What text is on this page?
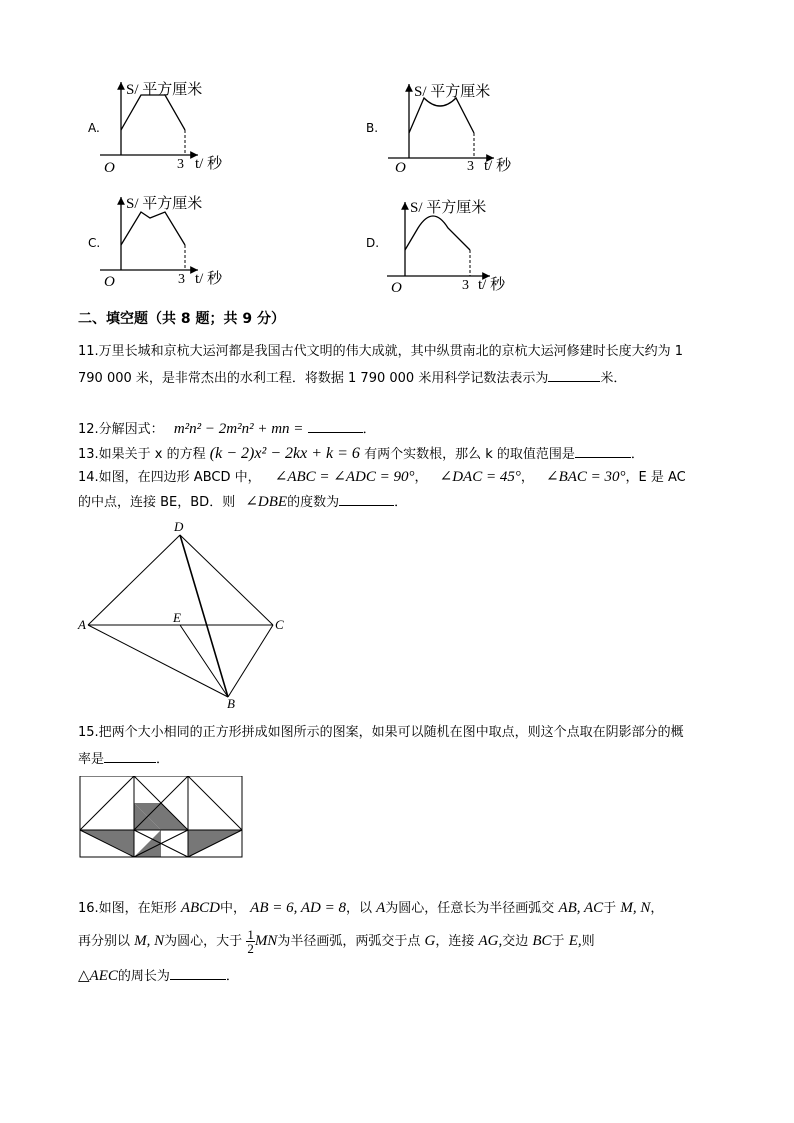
S/ 平方厘米
O	3 t/ 秒
S/ 平方厘米
O	3 t/ 秒
S/ 平方厘米
O	3 t/ 秒
S/ 平方厘米
O	3 t/ 秒
A.	B.
C.	D.
二、填空题（共 8 题；共 9 分）
11.万里长城和京杭大运河都是我国古代文明的伟大成就，其中纵贯南北的京杭大运河修建时长度大约为 1
790 000 米，是非常杰出的水利工程．将数据 1 790 000 米用科学记数法表示为	米．
12.分解因式： m²n² − 2m²n² + mn =	．
13.如果关于 x 的方程 (k − 2)x² − 2kx + k = 6 有两个实数根，那么 k 的取值范围是	．
14.如图，在四边形 ABCD 中， ∠ABC = ∠ADC = 90°， ∠DAC = 45°， ∠BAC = 30°，E 是 AC
的中点，连接 BE，BD．则 ∠DBE的度数为	．
D
A	E	C
B
15.把两个大小相同的正方形拼成如图所示的图案，如果可以随机在图中取点，则这个点取在阴影部分的概
率是	．
16.如图，在矩形 ABCD中， AB = 6, AD = 8，以 A为圆心，任意长为半径画弧交 AB, AC于 M, N，
再分别以 M, N为圆心，大于 $\frac{1}{2}$ MN为半径画弧，两弧交于点 G，连接 AG,交边 BC于 E,则
△AEC的周长为	．
